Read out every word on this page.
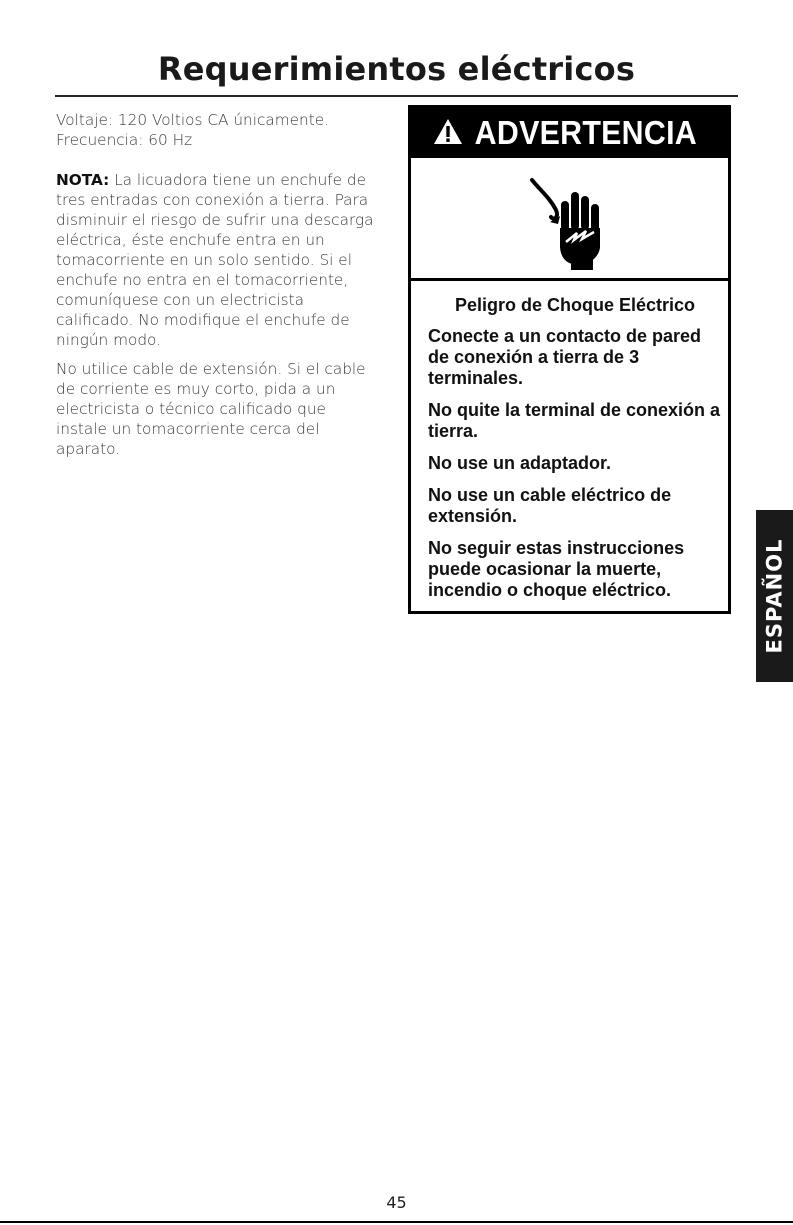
Requerimientos eléctricos

Voltaje: 120 Voltios CA únicamente.

Frecuencia: 60 Hz

NOTA: La licuadora tiene un enchufe de tres entradas con conexión a tierra. Para disminuir el riesgo de sufrir una descarga eléctrica, éste enchufe entra en un tomacorriente en un solo sentido. Si el enchufe no entra en el tomacorriente, comuníquese con un electricista calificado. No modifique el enchufe de ningún modo.

No utilice cable de extensión. Si el cable de corriente es muy corto, pida a un electricista o técnico calificado que instale un tomacorriente cerca del aparato.

ADVERTENCIA

Peligro de Choque Eléctrico

Conecte a un contacto de pared de conexión a tierra de 3 terminales.

No quite la terminal de conexión a tierra.

No use un adaptador.

No use un cable eléctrico de extensión.

No seguir estas instrucciones puede ocasionar la muerte, incendio o choque eléctrico.	ESPAÑOL
45
